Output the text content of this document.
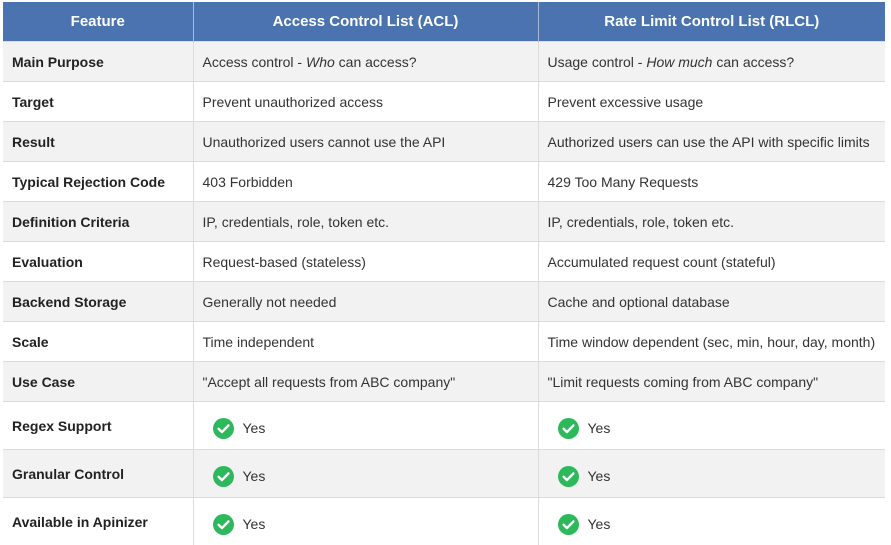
Feature	Access Control List (ACL)	Rate Limit Control List (RLCL)
Main Purpose	Access control - Who can access?	Usage control - How much can access?
Target	Prevent unauthorized access	Prevent excessive usage
Result	Unauthorized users cannot use the API	Authorized users can use the API with specific limits
Typical Rejection Code	403 Forbidden	429 Too Many Requests
Definition Criteria	IP, credentials, role, token etc.	IP, credentials, role, token etc.
Evaluation	Request-based (stateless)	Accumulated request count (stateful)
Backend Storage	Generally not needed	Cache and optional database
Scale	Time independent	Time window dependent (sec, min, hour, day, month)
Use Case	"Accept all requests from ABC company"	"Limit requests coming from ABC company"
Regex Support	Yes	Yes

Granular Control	Yes	Yes

Available in Apinizer	Yes	Yes
